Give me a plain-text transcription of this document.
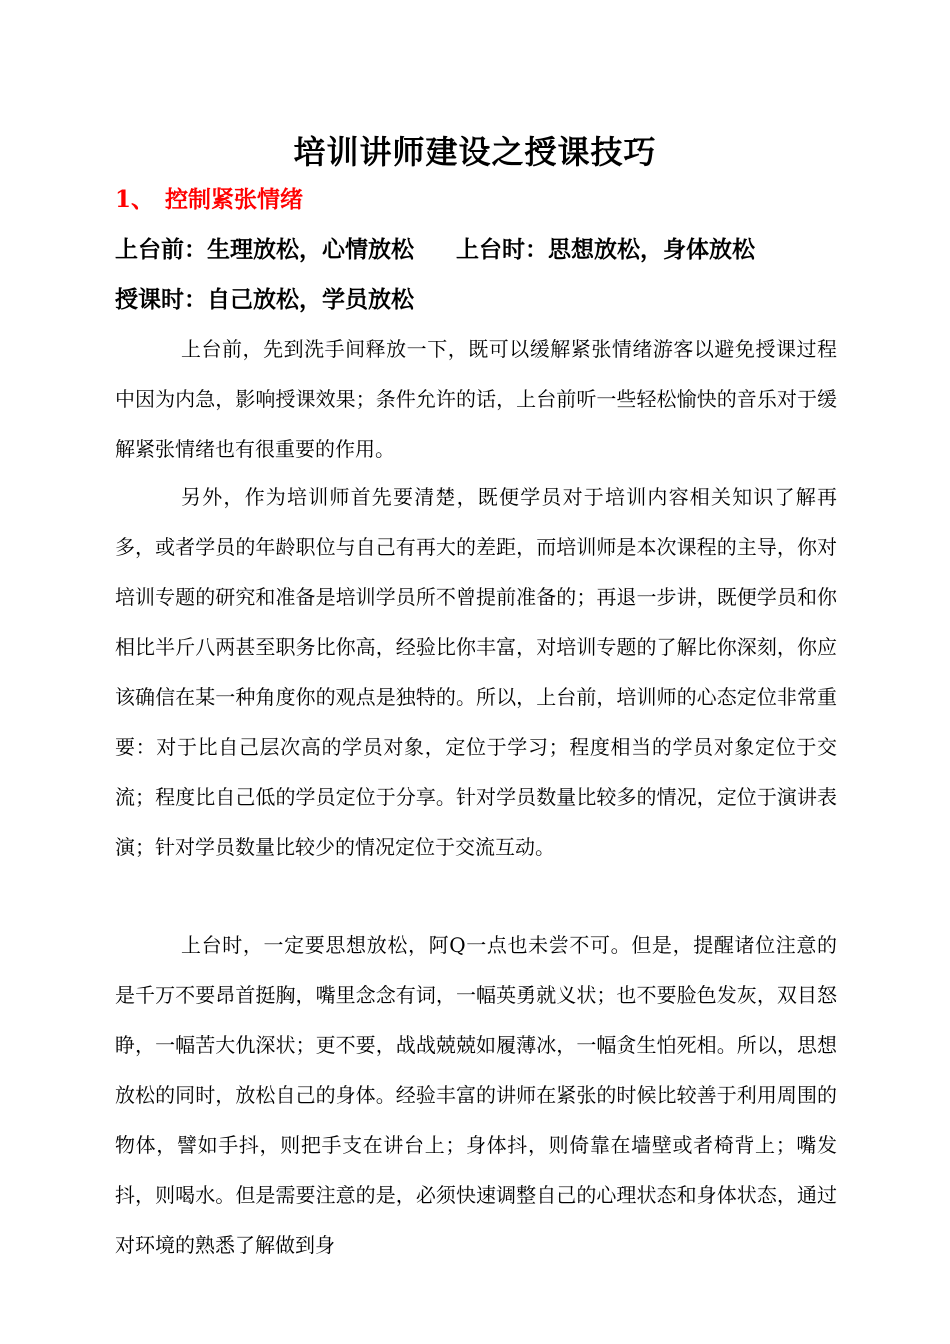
培训讲师建设之授课技巧
1、 控制紧张情绪
上台前：生理放松，心情放松 上台时：思想放松，身体放松
授课时：自己放松，学员放松

上台前，先到洗手间释放一下，既可以缓解紧张情绪游客以避免授课过程中因为内急，影响授课效果；条件允许的话，上台前听一些轻松愉快的音乐对于缓解紧张情绪也有很重要的作用。

另外，作为培训师首先要清楚，既便学员对于培训内容相关知识了解再多，或者学员的年龄职位与自己有再大的差距，而培训师是本次课程的主导，你对培训专题的研究和准备是培训学员所不曾提前准备的；再退一步讲，既便学员和你相比半斤八两甚至职务比你高，经验比你丰富，对培训专题的了解比你深刻，你应该确信在某一种角度你的观点是独特的。所以，上台前，培训师的心态定位非常重要：对于比自己层次高的学员对象，定位于学习；程度相当的学员对象定位于交流；程度比自己低的学员定位于分享。针对学员数量比较多的情况，定位于演讲表演；针对学员数量比较少的情况定位于交流互动。

上台时，一定要思想放松，阿Q一点也未尝不可。但是，提醒诸位注意的是千万不要昂首挺胸，嘴里念念有词，一幅英勇就义状；也不要脸色发灰，双目怒睁，一幅苦大仇深状；更不要，战战兢兢如履薄冰，一幅贪生怕死相。所以，思想放松的同时，放松自己的身体。经验丰富的讲师在紧张的时候比较善于利用周围的物体，譬如手抖，则把手支在讲台上；身体抖，则倚靠在墙壁或者椅背上；嘴发抖，则喝水。但是需要注意的是，必须快速调整自己的心理状态和身体状态，通过对环境的熟悉了解做到身
